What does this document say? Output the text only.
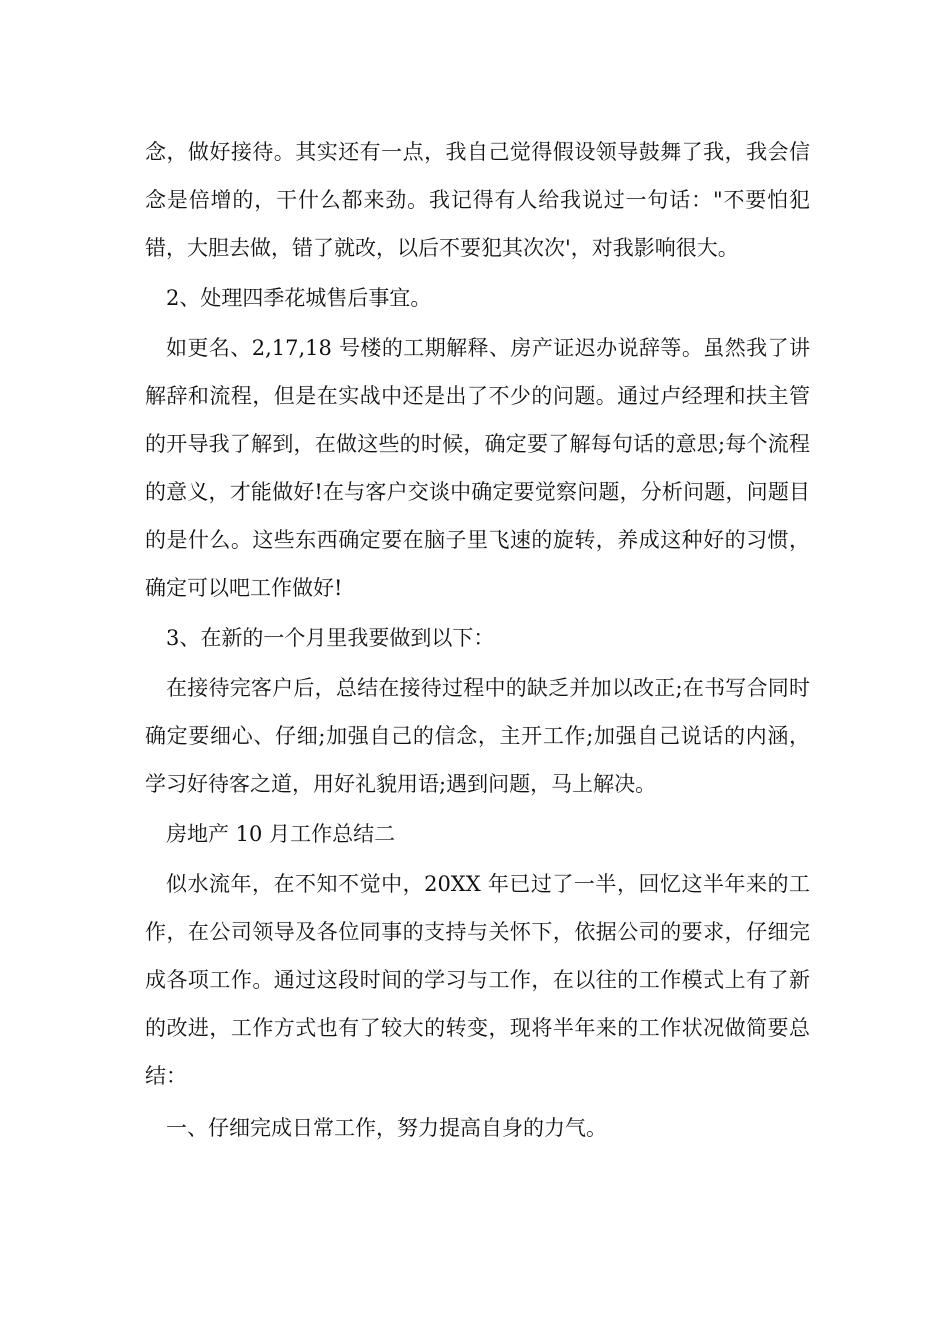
念，做好接待。其实还有一点，我自己觉得假设领导鼓舞了我，我会信念是倍增的，干什么都来劲。我记得有人给我说过一句话："不要怕犯错，大胆去做，错了就改，以后不要犯其次次'，对我影响很大。

2、处理四季花城售后事宜。

如更名、2,17,18 号楼的工期解释、房产证迟办说辞等。虽然我了讲解辞和流程，但是在实战中还是出了不少的问题。通过卢经理和扶主管的开导我了解到，在做这些的时候，确定要了解每句话的意思;每个流程的意义，才能做好!在与客户交谈中确定要觉察问题，分析问题，问题目的是什么。这些东西确定要在脑子里飞速的旋转，养成这种好的习惯，确定可以吧工作做好!

3、在新的一个月里我要做到以下：

在接待完客户后，总结在接待过程中的缺乏并加以改正;在书写合同时确定要细心、仔细;加强自己的信念，主开工作;加强自己说话的内涵，学习好待客之道，用好礼貌用语;遇到问题，马上解决。

房地产 10 月工作总结二

似水流年，在不知不觉中，20XX 年已过了一半，回忆这半年来的工作，在公司领导及各位同事的支持与关怀下，依据公司的要求，仔细完成各项工作。通过这段时间的学习与工作，在以往的工作模式上有了新的改进，工作方式也有了较大的转变，现将半年来的工作状况做简要总结：

一、仔细完成日常工作，努力提高自身的力气。
